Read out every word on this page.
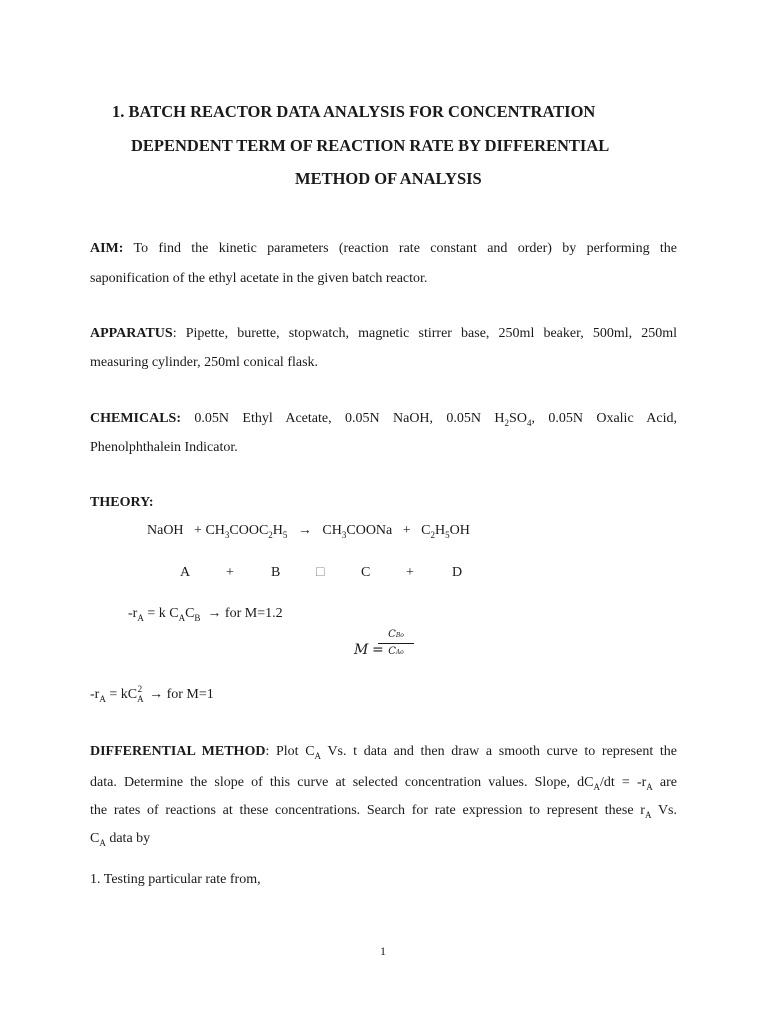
1. BATCH REACTOR DATA ANALYSIS FOR CONCENTRATION
DEPENDENT TERM OF REACTION RATE BY DIFFERENTIAL
METHOD OF ANALYSIS
AIM: To find the kinetic parameters (reaction rate constant and order) by performing the
saponification of the ethyl acetate in the given batch reactor.
APPARATUS: Pipette, burette, stopwatch, magnetic stirrer base, 250ml beaker, 500ml, 250ml
measuring cylinder, 250ml conical flask.
CHEMICALS: 0.05N Ethyl Acetate, 0.05N NaOH, 0.05N $H_2SO_4$, 0.05N Oxalic Acid,
Phenolphthalein Indicator.
THEORY:
NaOH + $CH_3COOC_2H_5$ → $CH_3COONa + C_2H_5OH$
A	+	B	□	C	+	D
$-r_A = k$ $C_AC_B$ → for M=1.2
M =
CBo
CAo
$-r_A = kC_A^2$ → for M=1
DIFFERENTIAL METHOD: Plot $C_A$ Vs. t data and then draw a smooth curve to represent the
data. Determine the slope of this curve at selected concentration values. Slope, $dC_A/dt = -r_A$ are
the rates of reactions at these concentrations. Search for rate expression to represent these $r_A$ Vs.
$C_A$ data by
1. Testing particular rate from,
1
